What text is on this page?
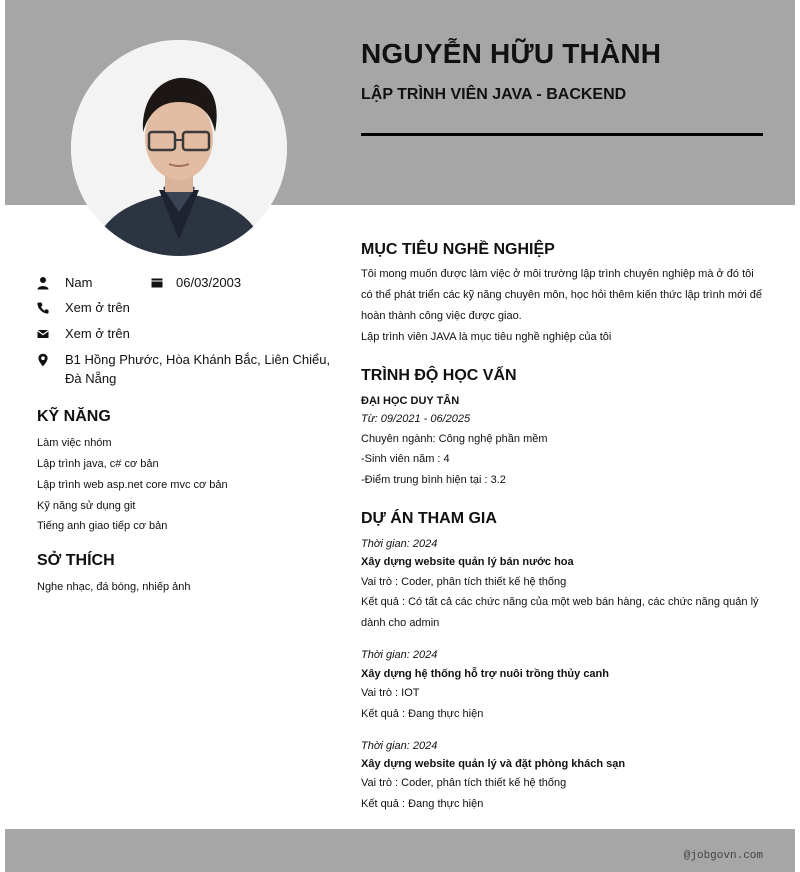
NGUYỄN HỮU THÀNH
LẬP TRÌNH VIÊN JAVA - BACKEND
Nam	06/03/2003
Xem ở trên
Xem ở trên
B1 Hồng Phước, Hòa Khánh Bắc, Liên Chiểu,
Đà Nẵng
KỸ NĂNG
Làm việc nhóm
Lập trình java, c# cơ bản
Lập trình web asp.net core mvc cơ bản
Kỹ năng sử dụng git
Tiếng anh giao tiếp cơ bản
SỞ THÍCH
Nghe nhạc, đá bóng, nhiếp ảnh
MỤC TIÊU NGHỀ NGHIỆP
Tôi mong muốn được làm việc ở môi trường lập trình chuyên nghiệp mà ở đó tôi có thể phát triển các kỹ năng chuyên môn, học hỏi thêm kiến thức lập trình mới để hoàn thành công việc được giao.
Lập trình viên JAVA là mục tiêu nghề nghiệp của tôi
TRÌNH ĐỘ HỌC VẤN
ĐẠI HỌC DUY TÂN
Từ: 09/2021 - 06/2025
Chuyên ngành: Công nghệ phần mềm
-Sinh viên năm : 4
-Điểm trung bình hiện tại : 3.2
DỰ ÁN THAM GIA
Thời gian: 2024
Xây dựng website quản lý bán nước hoa
Vai trò : Coder, phân tích thiết kế hệ thống
Kết quả : Có tất cả các chức năng của một web bán hàng, các chức năng quản lý dành cho admin
Thời gian: 2024
Xây dựng hệ thống hỗ trợ nuôi trồng thủy canh
Vai trò : IOT
Kết quả : Đang thực hiện
Thời gian: 2024
Xây dựng website quản lý và đặt phòng khách sạn
Vai trò : Coder, phân tích thiết kế hệ thống
Kết quả : Đang thực hiện
@jobgovn.com
